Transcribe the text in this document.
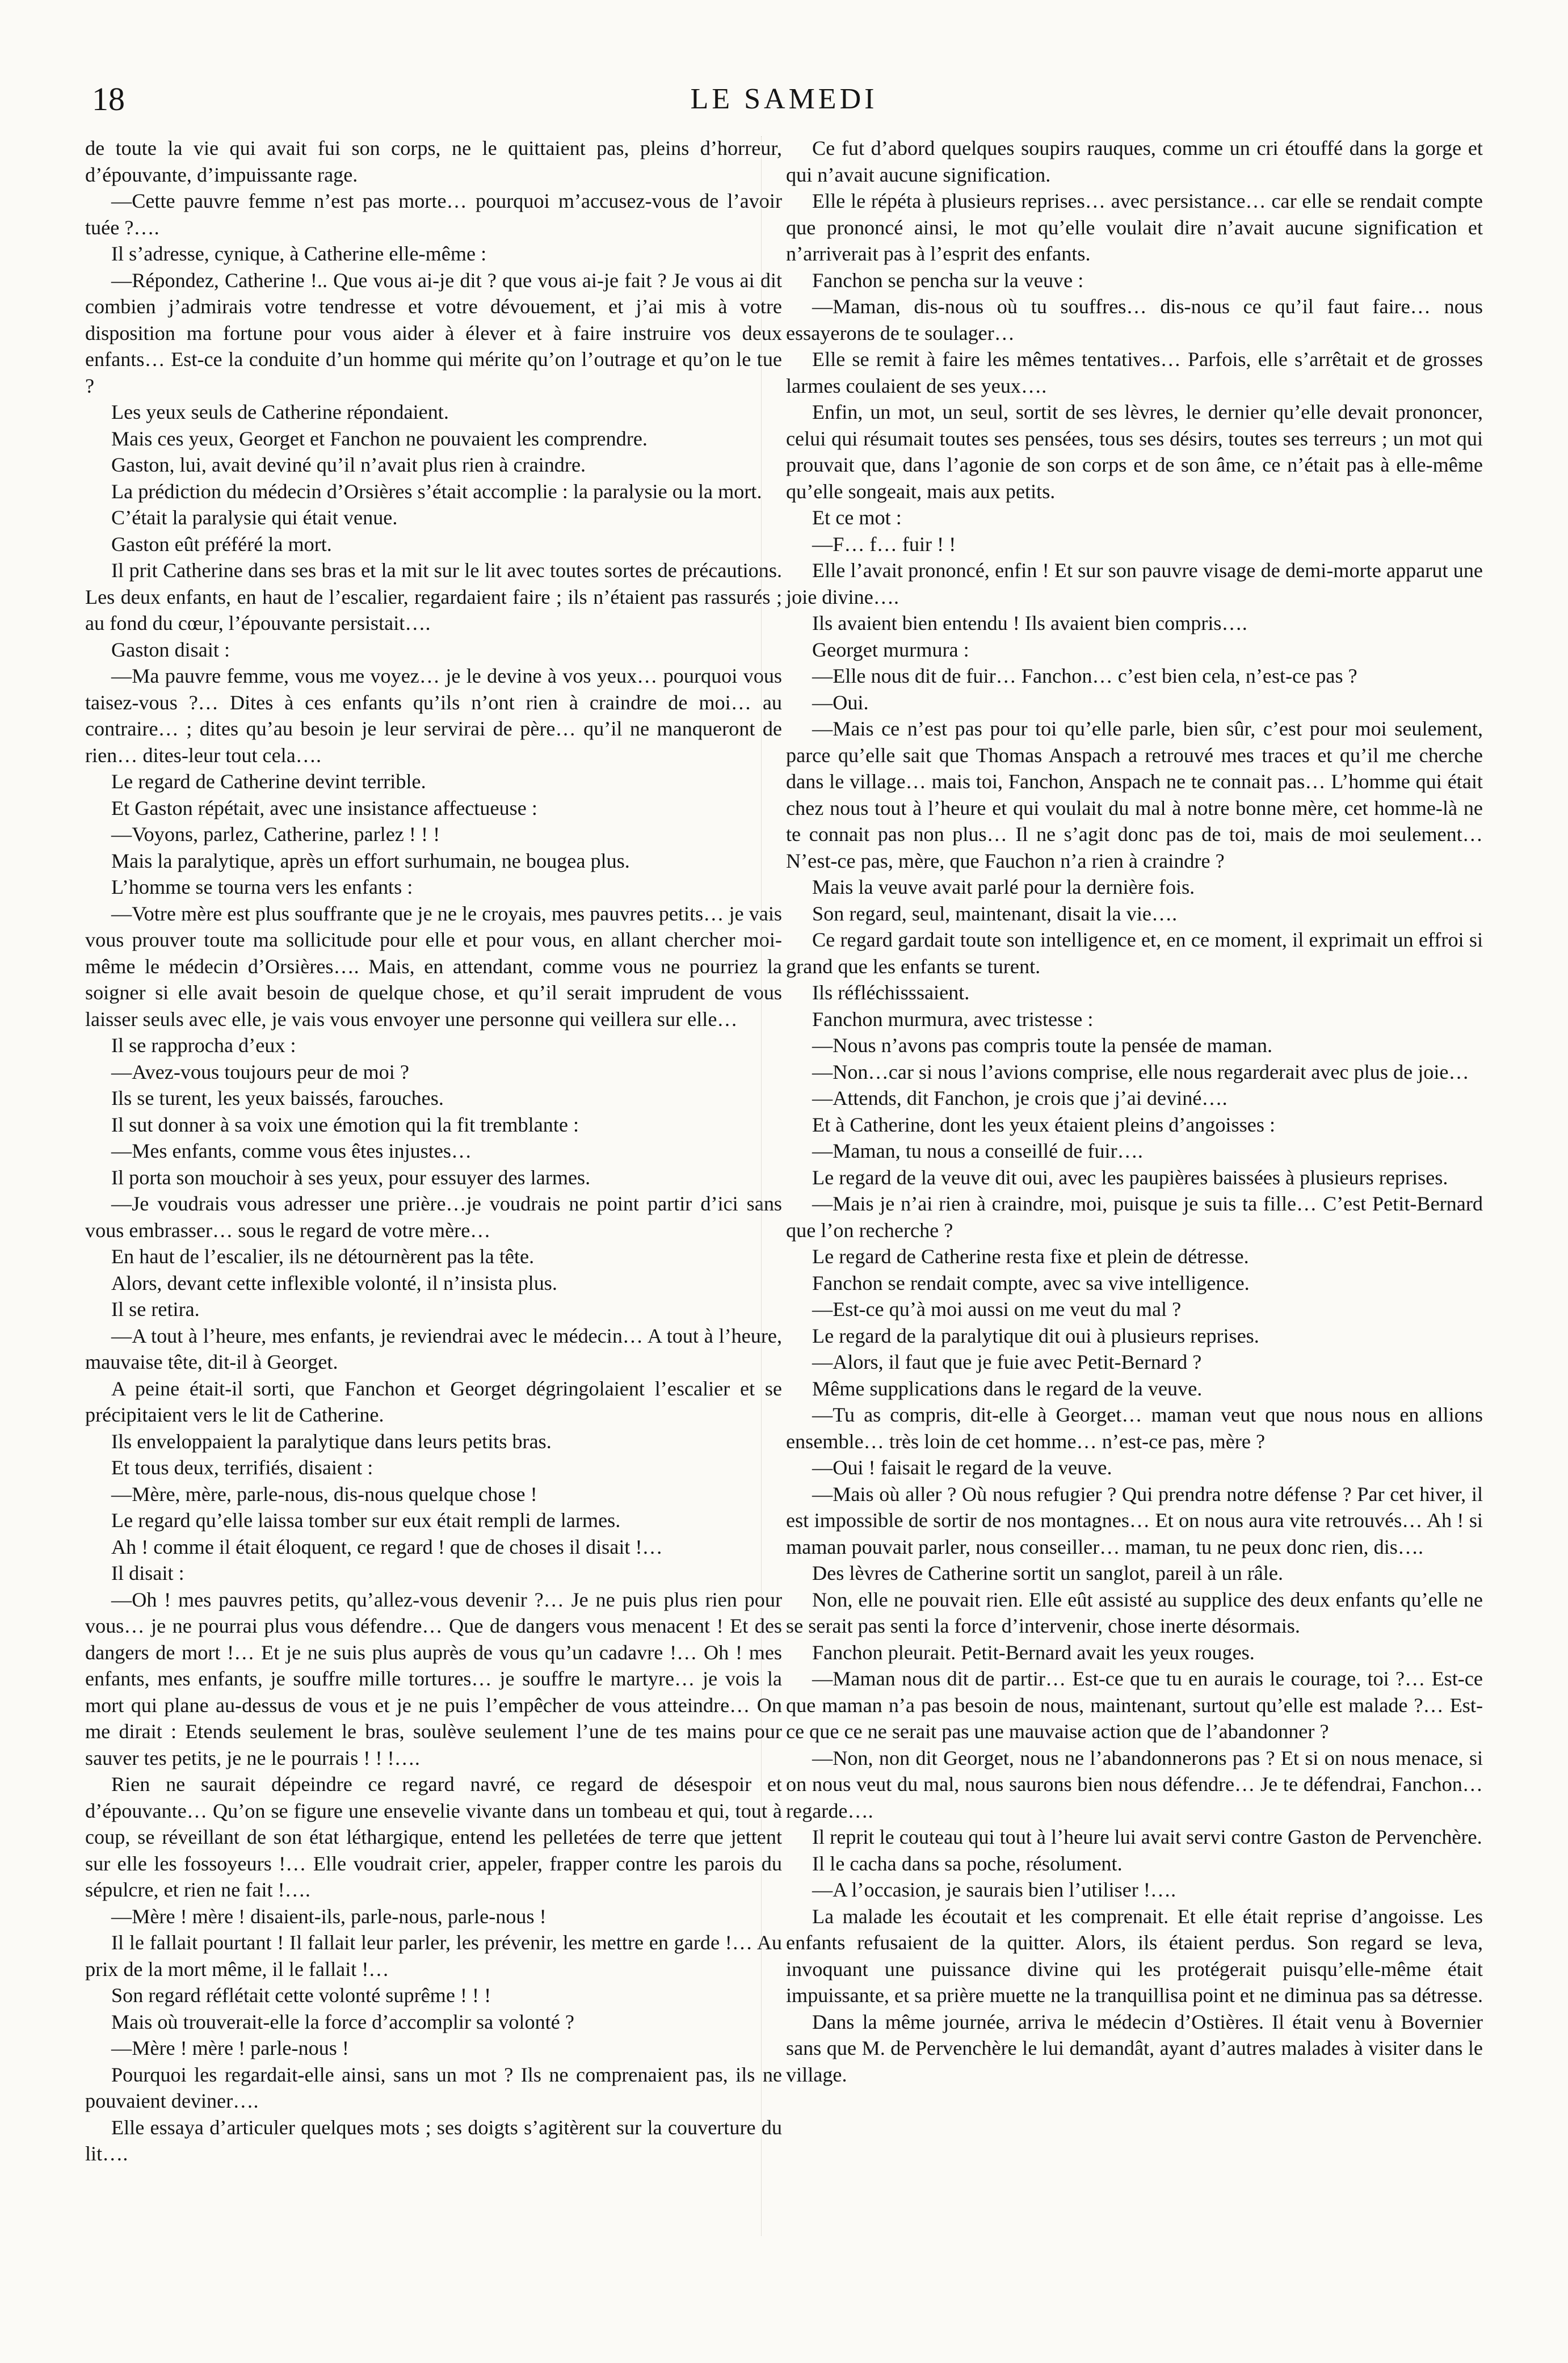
18	LE SAMEDI

de toute la vie qui avait fui son corps, ne le quittaient pas, pleins d’horreur, d’épouvante, d’impuissante rage.

—Cette pauvre femme n’est pas morte… pourquoi m’accusez-vous de l’avoir tuée ?….

Il s’adresse, cynique, à Catherine elle-même :

—Répondez, Catherine !.. Que vous ai-je dit ? que vous ai-je fait ? Je vous ai dit combien j’admirais votre tendresse et votre dévouement, et j’ai mis à votre disposition ma fortune pour vous aider à élever et à faire instruire vos deux enfants… Est-ce la conduite d’un homme qui mérite qu’on l’outrage et qu’on le tue ?

Les yeux seuls de Catherine répondaient.

Mais ces yeux, Georget et Fanchon ne pouvaient les comprendre.

Gaston, lui, avait deviné qu’il n’avait plus rien à craindre.

La prédiction du médecin d’Orsières s’était accomplie : la paralysie ou la mort.

C’était la paralysie qui était venue.

Gaston eût préféré la mort.

Il prit Catherine dans ses bras et la mit sur le lit avec toutes sortes de précautions. Les deux enfants, en haut de l’escalier, regardaient faire ; ils n’étaient pas rassurés ; au fond du cœur, l’épouvante persistait….

Gaston disait :

—Ma pauvre femme, vous me voyez… je le devine à vos yeux… pourquoi vous taisez-vous ?… Dites à ces enfants qu’ils n’ont rien à craindre de moi… au contraire… ; dites qu’au besoin je leur servirai de père… qu’il ne manqueront de rien… dites-leur tout cela….

Le regard de Catherine devint terrible.

Et Gaston répétait, avec une insistance affectueuse :

—Voyons, parlez, Catherine, parlez ! ! !

Mais la paralytique, après un effort surhumain, ne bougea plus.

L’homme se tourna vers les enfants :

—Votre mère est plus souffrante que je ne le croyais, mes pauvres petits… je vais vous prouver toute ma sollicitude pour elle et pour vous, en allant chercher moi-même le médecin d’Orsières…. Mais, en attendant, comme vous ne pourriez la soigner si elle avait besoin de quelque chose, et qu’il serait imprudent de vous laisser seuls avec elle, je vais vous envoyer une personne qui veillera sur elle…

Il se rapprocha d’eux :

—Avez-vous toujours peur de moi ?

Ils se turent, les yeux baissés, farouches.

Il sut donner à sa voix une émotion qui la fit tremblante :

—Mes enfants, comme vous êtes injustes…

Il porta son mouchoir à ses yeux, pour essuyer des larmes.

—Je voudrais vous adresser une prière…je voudrais ne point partir d’ici sans vous embrasser… sous le regard de votre mère…

En haut de l’escalier, ils ne détournèrent pas la tête.

Alors, devant cette inflexible volonté, il n’insista plus.

Il se retira.

—A tout à l’heure, mes enfants, je reviendrai avec le médecin… A tout à l’heure, mauvaise tête, dit-il à Georget.

A peine était-il sorti, que Fanchon et Georget dégringolaient l’escalier et se précipitaient vers le lit de Catherine.

Ils enveloppaient la paralytique dans leurs petits bras.

Et tous deux, terrifiés, disaient :

—Mère, mère, parle-nous, dis-nous quelque chose !

Le regard qu’elle laissa tomber sur eux était rempli de larmes.

Ah ! comme il était éloquent, ce regard ! que de choses il disait !…

Il disait :

—Oh ! mes pauvres petits, qu’allez-vous devenir ?… Je ne puis plus rien pour vous… je ne pourrai plus vous défendre… Que de dangers vous menacent ! Et des dangers de mort !… Et je ne suis plus auprès de vous qu’un cadavre !… Oh ! mes enfants, mes enfants, je souffre mille tortures… je souffre le martyre… je vois la mort qui plane au-dessus de vous et je ne puis l’empêcher de vous atteindre… On me dirait : Etends seulement le bras, soulève seulement l’une de tes mains pour sauver tes petits, je ne le pourrais ! ! !….

Rien ne saurait dépeindre ce regard navré, ce regard de désespoir et d’épouvante… Qu’on se figure une ensevelie vivante dans un tombeau et qui, tout à coup, se réveillant de son état léthargique, entend les pelletées de terre que jettent sur elle les fossoyeurs !… Elle voudrait crier, appeler, frapper contre les parois du sépulcre, et rien ne fait !….

—Mère ! mère ! disaient-ils, parle-nous, parle-nous !

Il le fallait pourtant ! Il fallait leur parler, les prévenir, les mettre en garde !… Au prix de la mort même, il le fallait !…

Son regard réflétait cette volonté suprême ! ! !

Mais où trouverait-elle la force d’accomplir sa volonté ?

—Mère ! mère ! parle-nous !

Pourquoi les regardait-elle ainsi, sans un mot ? Ils ne comprenaient pas, ils ne pouvaient deviner….

Elle essaya d’articuler quelques mots ; ses doigts s’agitèrent sur la couverture du lit….

Ce fut d’abord quelques soupirs rauques, comme un cri étouffé dans la gorge et qui n’avait aucune signification.

Elle le répéta à plusieurs reprises… avec persistance… car elle se rendait compte que prononcé ainsi, le mot qu’elle voulait dire n’avait aucune signification et n’arriverait pas à l’esprit des enfants.

Fanchon se pencha sur la veuve :

—Maman, dis-nous où tu souffres… dis-nous ce qu’il faut faire… nous essayerons de te soulager…

Elle se remit à faire les mêmes tentatives… Parfois, elle s’arrêtait et de grosses larmes coulaient de ses yeux….

Enfin, un mot, un seul, sortit de ses lèvres, le dernier qu’elle devait prononcer, celui qui résumait toutes ses pensées, tous ses désirs, toutes ses terreurs ; un mot qui prouvait que, dans l’agonie de son corps et de son âme, ce n’était pas à elle-même qu’elle songeait, mais aux petits.

Et ce mot :

—F… f… fuir ! !

Elle l’avait prononcé, enfin ! Et sur son pauvre visage de demi-morte apparut une joie divine….

Ils avaient bien entendu ! Ils avaient bien compris….

Georget murmura :

—Elle nous dit de fuir… Fanchon… c’est bien cela, n’est-ce pas ?

—Oui.

—Mais ce n’est pas pour toi qu’elle parle, bien sûr, c’est pour moi seulement, parce qu’elle sait que Thomas Anspach a retrouvé mes traces et qu’il me cherche dans le village… mais toi, Fanchon, Anspach ne te connait pas… L’homme qui était chez nous tout à l’heure et qui voulait du mal à notre bonne mère, cet homme-là ne te connait pas non plus… Il ne s’agit donc pas de toi, mais de moi seulement… N’est-ce pas, mère, que Fauchon n’a rien à craindre ?

Mais la veuve avait parlé pour la dernière fois.

Son regard, seul, maintenant, disait la vie….

Ce regard gardait toute son intelligence et, en ce moment, il exprimait un effroi si grand que les enfants se turent.

Ils réfléchisssaient.

Fanchon murmura, avec tristesse :

—Nous n’avons pas compris toute la pensée de maman.

—Non…car si nous l’avions comprise, elle nous regarderait avec plus de joie…

—Attends, dit Fanchon, je crois que j’ai deviné….

Et à Catherine, dont les yeux étaient pleins d’angoisses :

—Maman, tu nous a conseillé de fuir….

Le regard de la veuve dit oui, avec les paupières baissées à plusieurs reprises.

—Mais je n’ai rien à craindre, moi, puisque je suis ta fille… C’est Petit-Bernard que l’on recherche ?

Le regard de Catherine resta fixe et plein de détresse.

Fanchon se rendait compte, avec sa vive intelligence.

—Est-ce qu’à moi aussi on me veut du mal ?

Le regard de la paralytique dit oui à plusieurs reprises.

—Alors, il faut que je fuie avec Petit-Bernard ?

Même supplications dans le regard de la veuve.

—Tu as compris, dit-elle à Georget… maman veut que nous nous en allions ensemble… très loin de cet homme… n’est-ce pas, mère ?

—Oui ! faisait le regard de la veuve.

—Mais où aller ? Où nous refugier ? Qui prendra notre défense ? Par cet hiver, il est impossible de sortir de nos montagnes… Et on nous aura vite retrouvés… Ah ! si maman pouvait parler, nous conseiller… maman, tu ne peux donc rien, dis….

Des lèvres de Catherine sortit un sanglot, pareil à un râle.

Non, elle ne pouvait rien. Elle eût assisté au supplice des deux enfants qu’elle ne se serait pas senti la force d’intervenir, chose inerte désormais.

Fanchon pleurait. Petit-Bernard avait les yeux rouges.

—Maman nous dit de partir… Est-ce que tu en aurais le courage, toi ?… Est-ce que maman n’a pas besoin de nous, maintenant, surtout qu’elle est malade ?… Est-ce que ce ne serait pas une mauvaise action que de l’abandonner ?

—Non, non dit Georget, nous ne l’abandonnerons pas ? Et si on nous menace, si on nous veut du mal, nous saurons bien nous défendre… Je te défendrai, Fanchon… regarde….

Il reprit le couteau qui tout à l’heure lui avait servi contre Gaston de Pervenchère.

Il le cacha dans sa poche, résolument.

—A l’occasion, je saurais bien l’utiliser !….

La malade les écoutait et les comprenait. Et elle était reprise d’angoisse. Les enfants refusaient de la quitter. Alors, ils étaient perdus. Son regard se leva, invoquant une puissance divine qui les protégerait puisqu’elle-même était impuissante, et sa prière muette ne la tranquillisa point et ne diminua pas sa détresse.

Dans la même journée, arriva le médecin d’Ostières. Il était venu à Bovernier sans que M. de Pervenchère le lui demandât, ayant d’autres malades à visiter dans le village.
